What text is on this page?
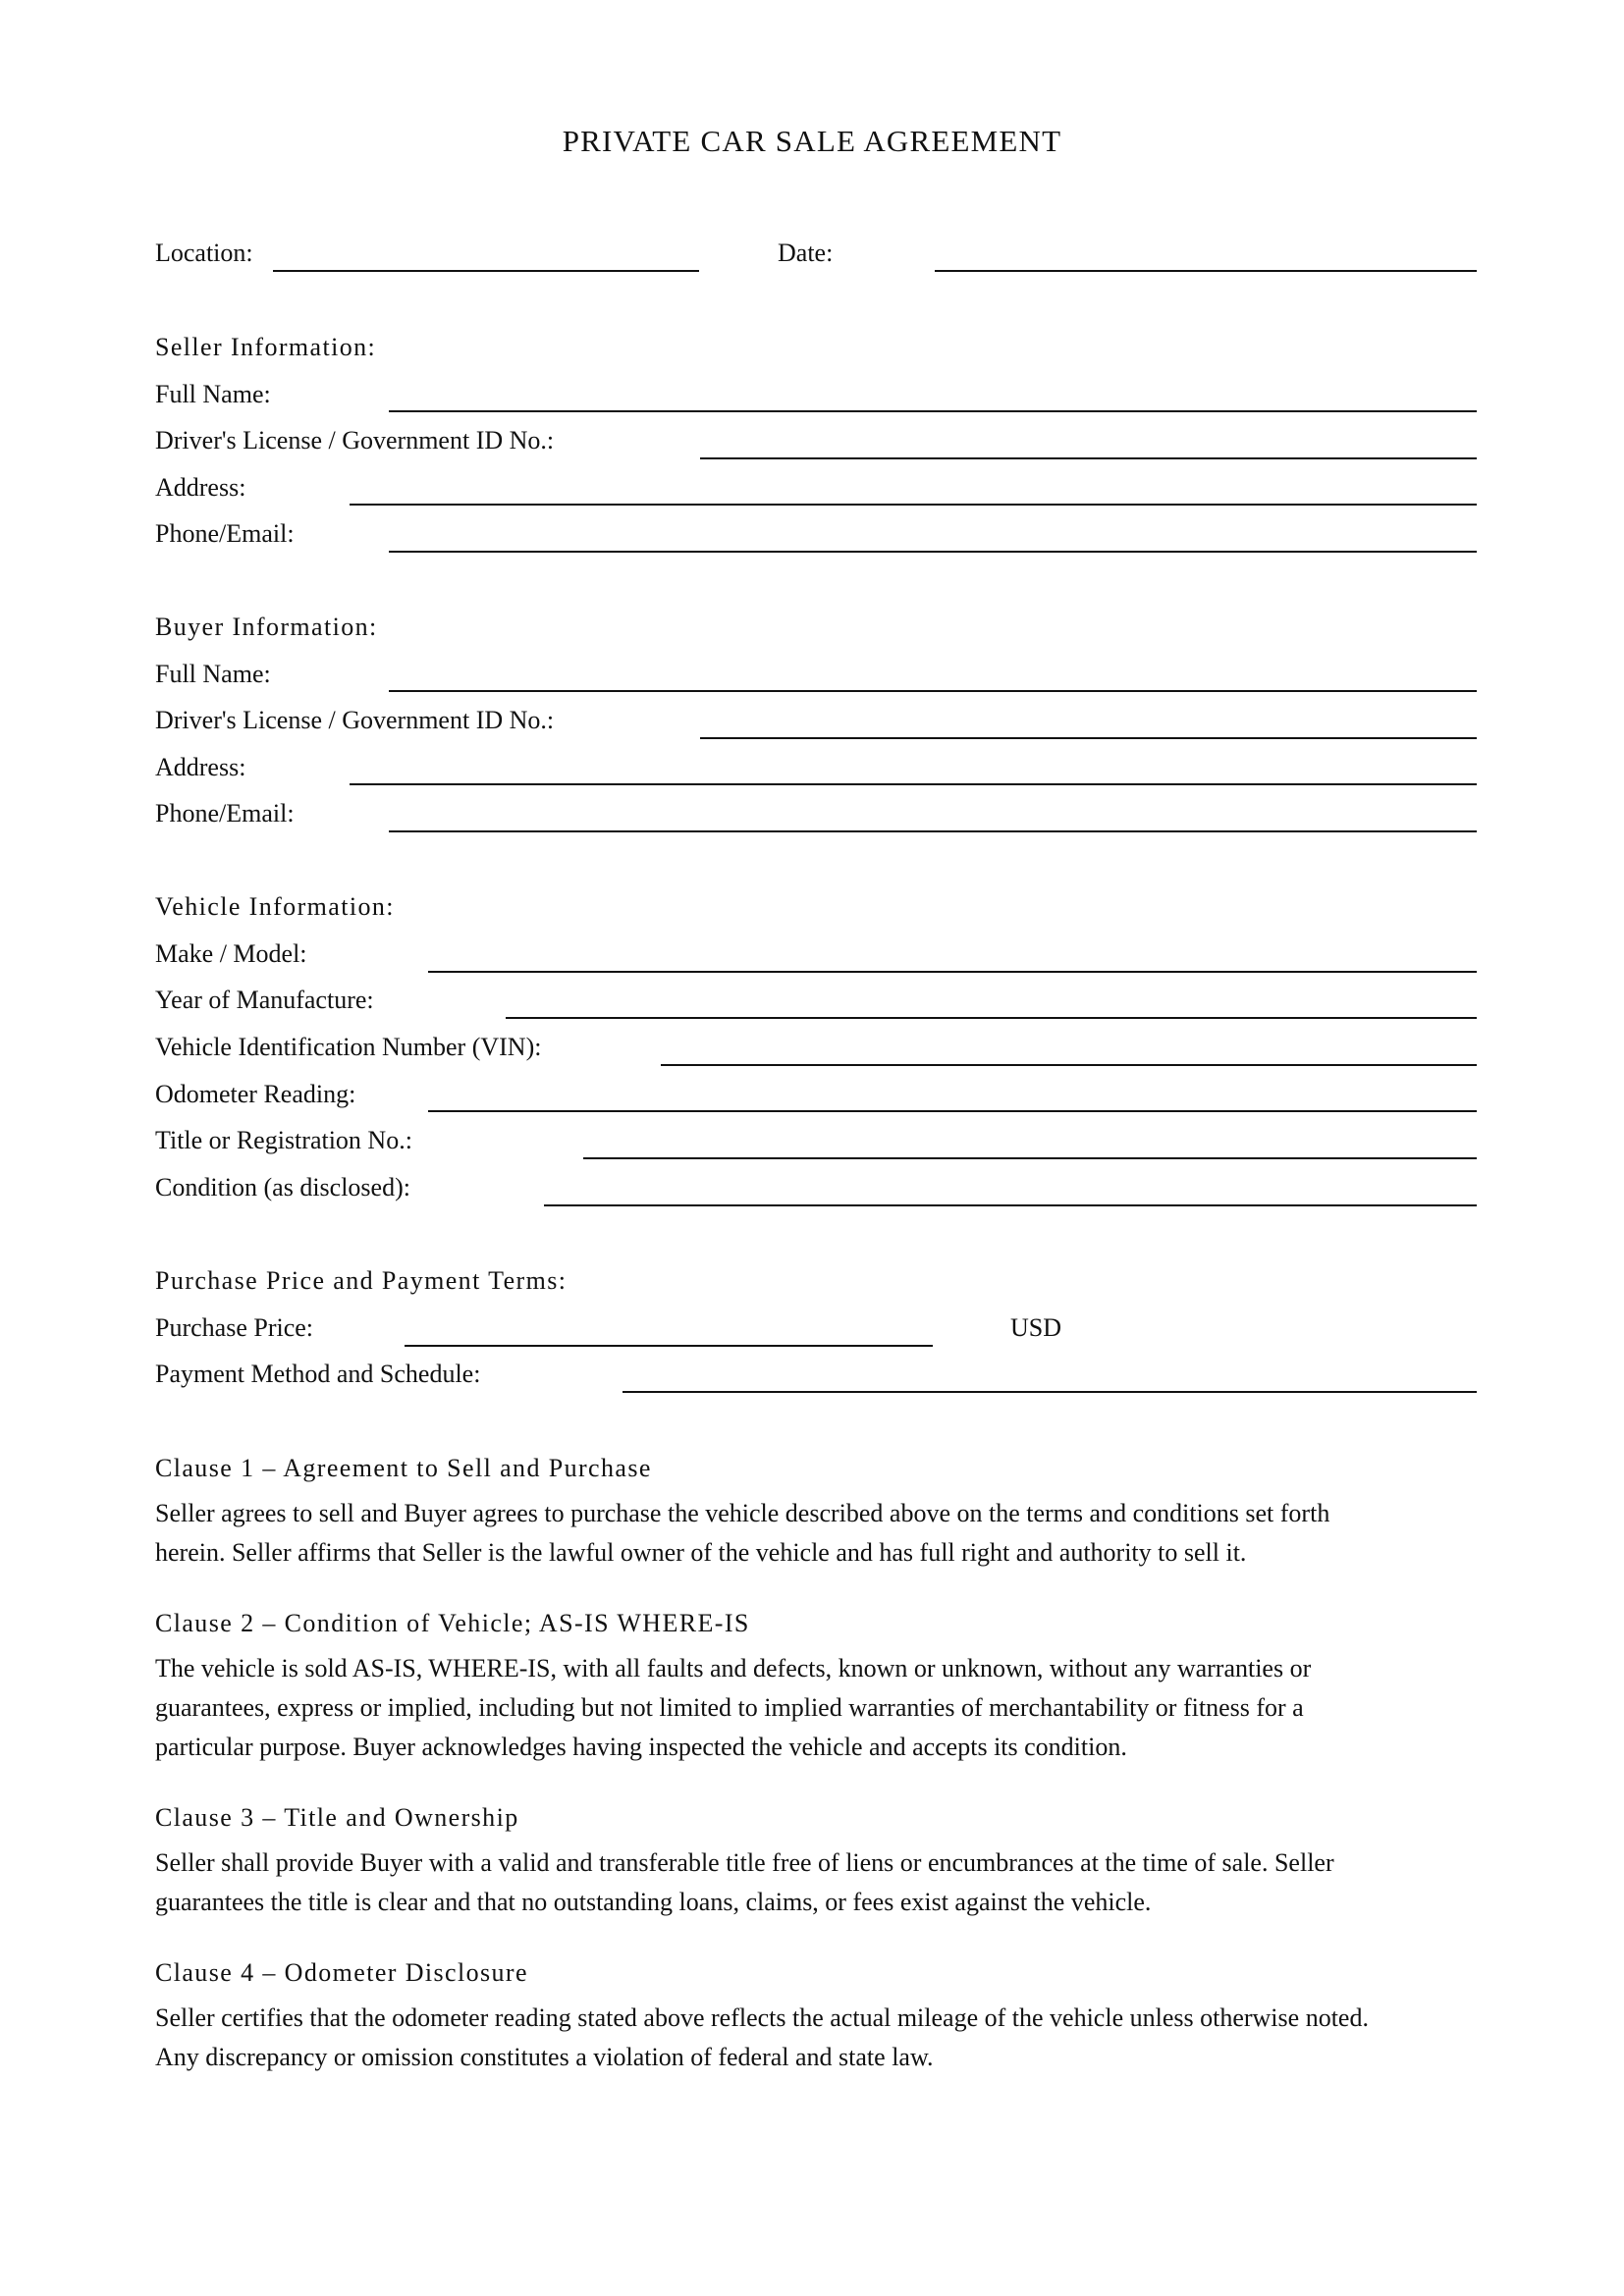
PRIVATE CAR SALE AGREEMENT
Location:	Date:
Seller Information:
Full Name:
Driver's License / Government ID No.:
Address:
Phone/Email:
Buyer Information:
Full Name:
Driver's License / Government ID No.:
Address:
Phone/Email:
Vehicle Information:
Make / Model:
Year of Manufacture:
Vehicle Identification Number (VIN):
Odometer Reading:
Title or Registration No.:
Condition (as disclosed):
Purchase Price and Payment Terms:
Purchase Price:	USD
Payment Method and Schedule:
Clause 1 – Agreement to Sell and Purchase

Seller agrees to sell and Buyer agrees to purchase the vehicle described above on the terms and conditions set forth

herein. Seller affirms that Seller is the lawful owner of the vehicle and has full right and authority to sell it.

Clause 2 – Condition of Vehicle; AS-IS WHERE-IS

The vehicle is sold AS-IS, WHERE-IS, with all faults and defects, known or unknown, without any warranties or

guarantees, express or implied, including but not limited to implied warranties of merchantability or fitness for a

particular purpose. Buyer acknowledges having inspected the vehicle and accepts its condition.

Clause 3 – Title and Ownership

Seller shall provide Buyer with a valid and transferable title free of liens or encumbrances at the time of sale. Seller

guarantees the title is clear and that no outstanding loans, claims, or fees exist against the vehicle.

Clause 4 – Odometer Disclosure

Seller certifies that the odometer reading stated above reflects the actual mileage of the vehicle unless otherwise noted.

Any discrepancy or omission constitutes a violation of federal and state law.
